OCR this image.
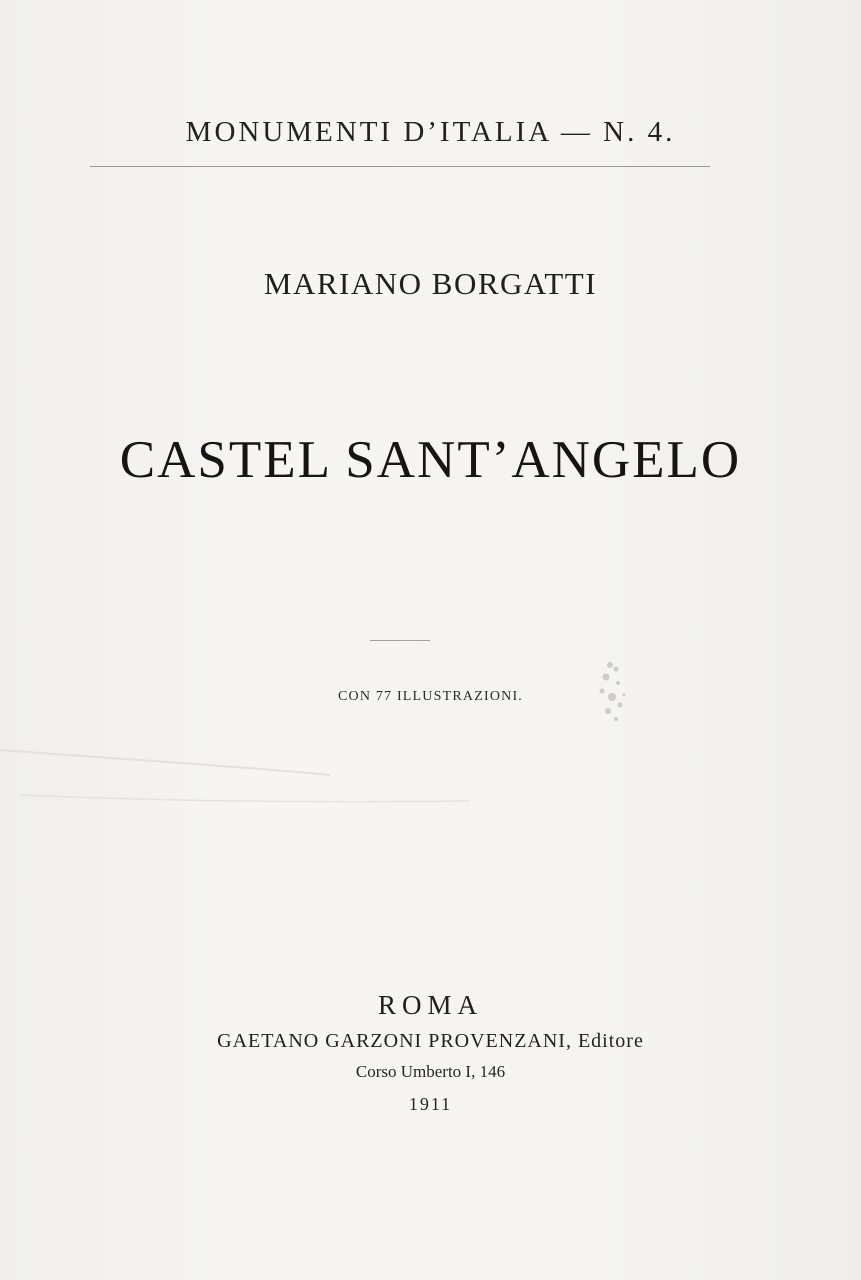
MONUMENTI D’ITALIA — N. 4.
MARIANO BORGATTI
CASTEL SANT’ANGELO
CON 77 ILLUSTRAZIONI.
ROMA
GAETANO GARZONI PROVENZANI, Editore
Corso Umberto I, 146
1911
